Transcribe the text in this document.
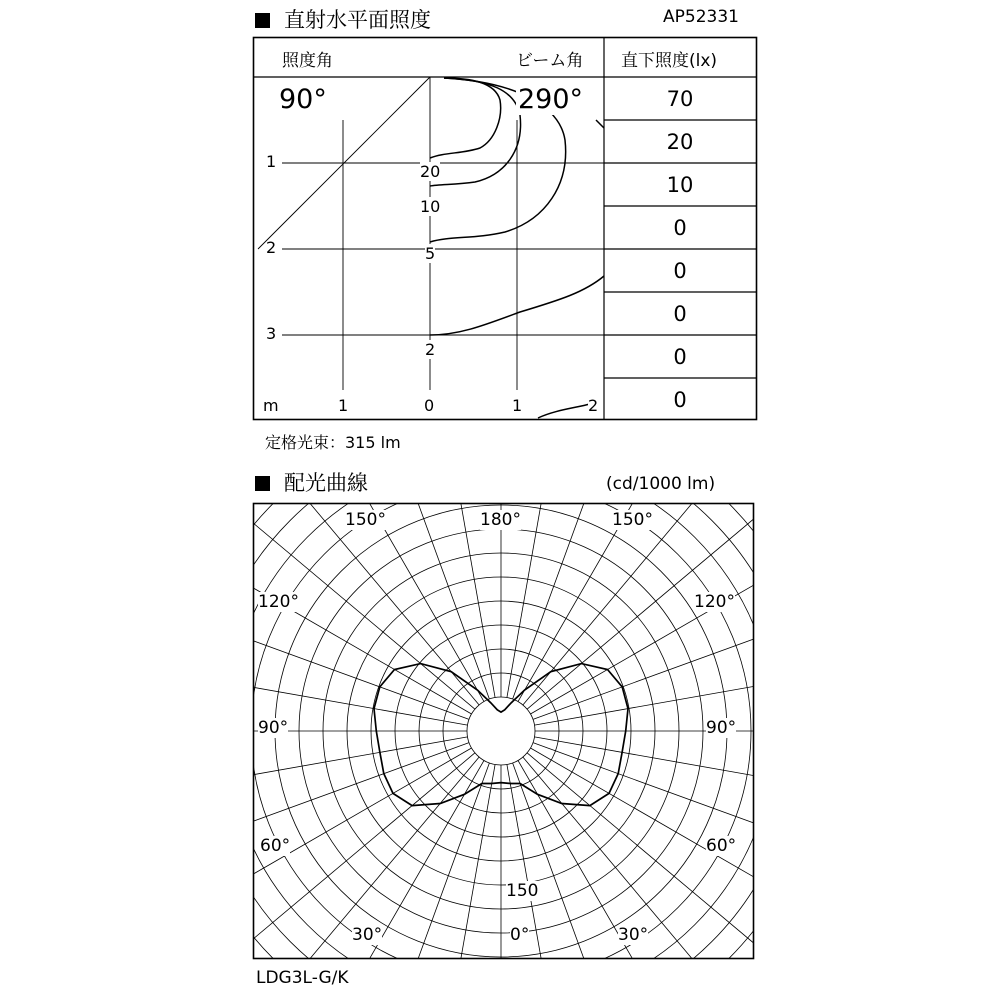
直射水平面照度	AP52331
照度角	ビーム角 直下照度(lx)
90°	290°
1
2
3
m	1	0	1	2
20
10
5
2
70
20
10
0
0
0
0
0
定格光束：315 lm
配光曲線	(cd/1000 lm)
150°	180°	150°
120°	120°
90°	90°
60°	60°
30°	0°	30°
150
LDG3L-G/K
